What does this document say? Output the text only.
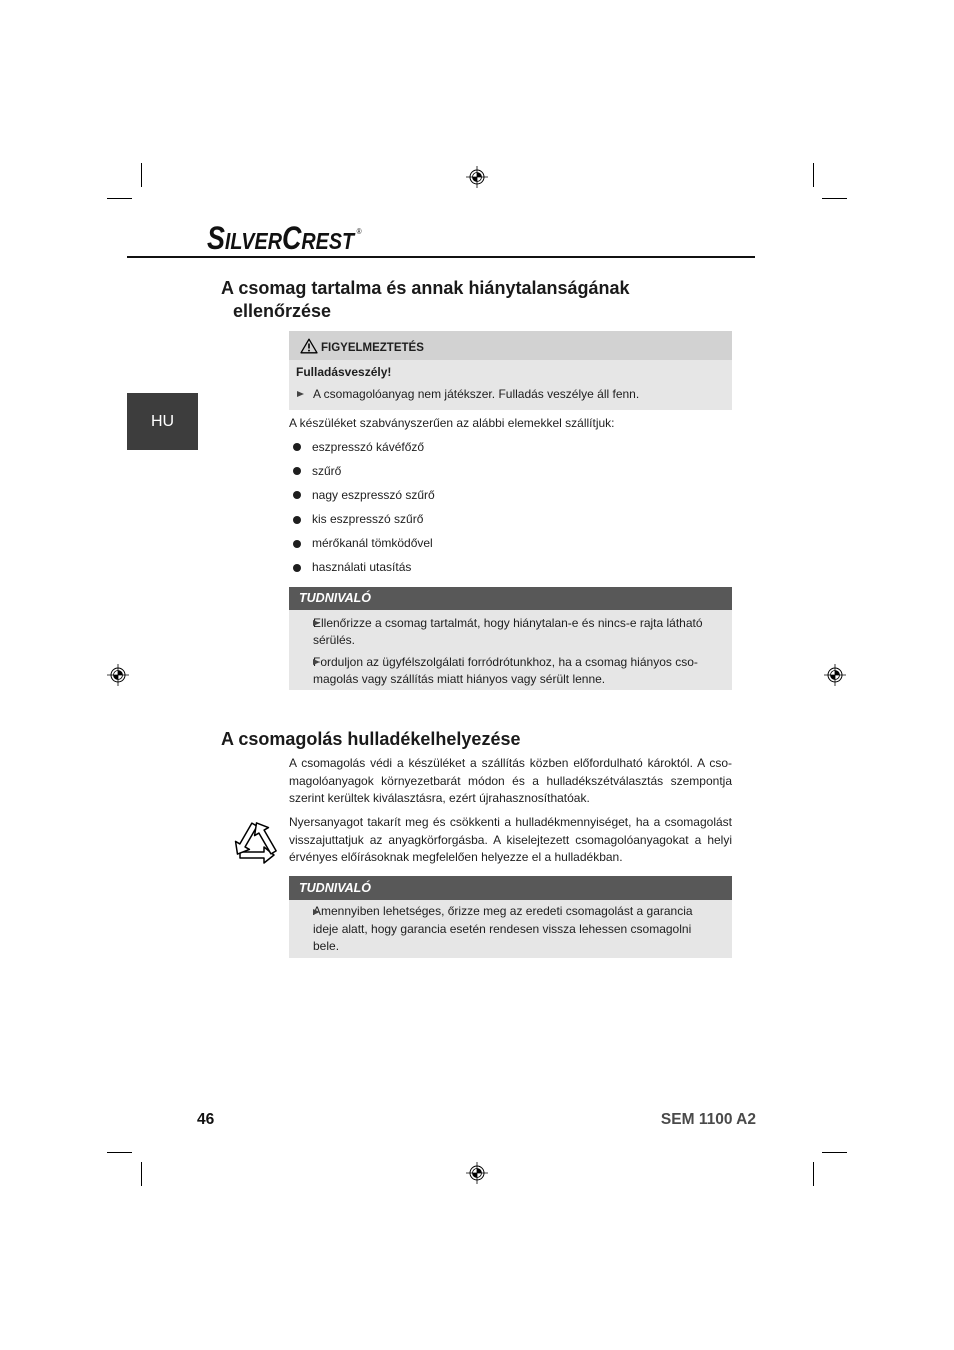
SILVER CREST ®
HU
A csomag tartalma és annak hiánytalanságának
ellenőrzése
FIGYELMEZTETÉS
Fulladásveszély!
A csomagolóanyag nem játékszer. Fulladás veszélye áll fenn.
A készüléket szabványszerűen az alábbi elemekkel szállítjuk:
eszpresszó kávéfőző
szűrő
nagy eszpresszó szűrő
kis eszpresszó szűrő
mérőkanál tömködővel
használati utasítás
TUDNIVALÓ
Ellenőrizze a csomag tartalmát, hogy hiánytalan-e és nincs-e rajta látható
sérülés.
Forduljon az ügyfélszolgálati forródrótunkhoz, ha a csomag hiányos cso-
magolás vagy szállítás miatt hiányos vagy sérült lenne.
A csomagolás hulladékelhelyezése
A csomagolás védi a készüléket a szállítás közben előfordulható károktól. A cso-
magolóanyagok környezetbarát módon és a hulladékszétválasztás szempontja
szerint kerültek kiválasztásra, ezért újrahasznosíthatóak.
Nyersanyagot takarít meg és csökkenti a hulladékmennyiséget, ha a csomagolást
visszajuttatjuk az anyagkörforgásba. A kiselejtezett csomagolóanyagokat a helyi
érvényes előírásoknak megfelelően helyezze el a hulladékban.
TUDNIVALÓ
Amennyiben lehetséges, őrizze meg az eredeti csomagolást a garancia
ideje alatt, hogy garancia esetén rendesen vissza lehessen csomagolni
bele.
46	SEM 1100 A2
